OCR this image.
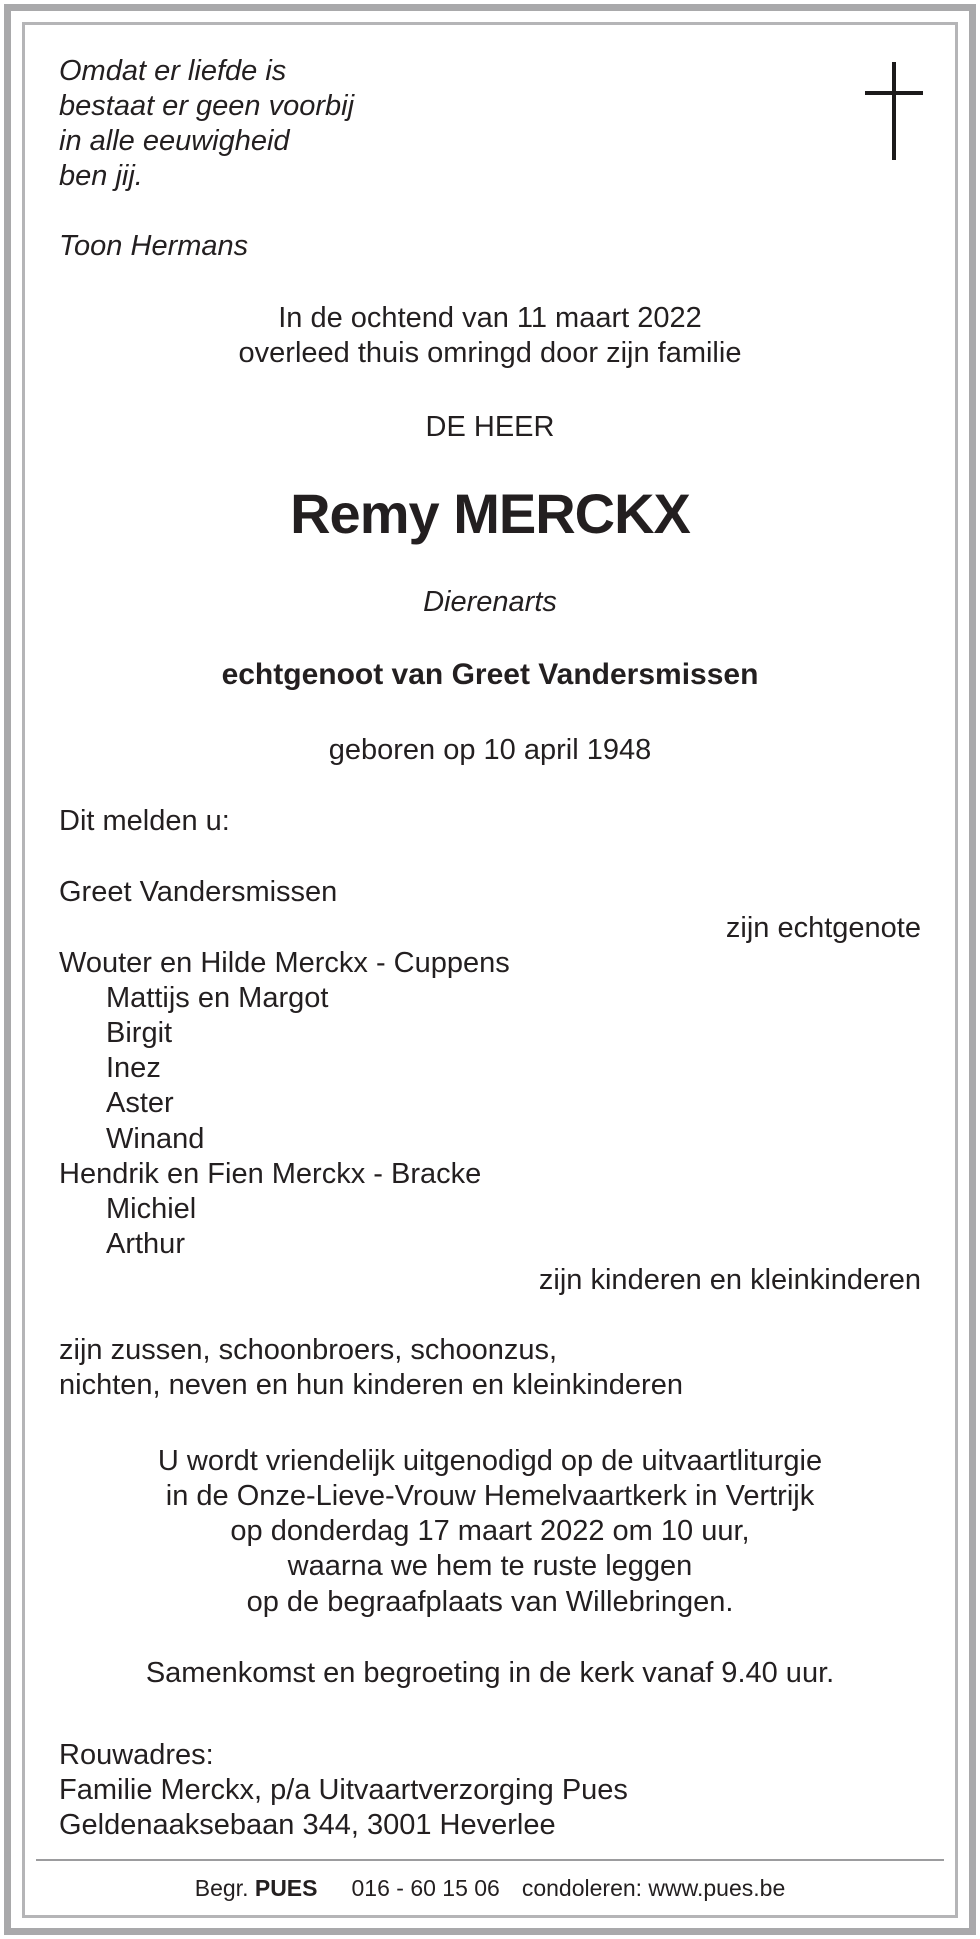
Omdat er liefde is
bestaat er geen voorbij
in alle eeuwigheid
ben jij.
Toon Hermans
In de ochtend van 11 maart 2022
overleed thuis omringd door zijn familie
DE HEER
Remy MERCKX
Dierenarts
echtgenoot van Greet Vandersmissen
geboren op 10 april 1948
Dit melden u:
Greet Vandersmissen
zijn echtgenote
Wouter en Hilde Merckx - Cuppens
Mattijs en Margot
Birgit
Inez
Aster
Winand
Hendrik en Fien Merckx - Bracke
Michiel
Arthur
zijn kinderen en kleinkinderen
zijn zussen, schoonbroers, schoonzus,
nichten, neven en hun kinderen en kleinkinderen
U wordt vriendelijk uitgenodigd op de uitvaartliturgie
in de Onze-Lieve-Vrouw Hemelvaartkerk in Vertrijk
op donderdag 17 maart 2022 om 10 uur,
waarna we hem te ruste leggen
op de begraafplaats van Willebringen.
Samenkomst en begroeting in de kerk vanaf 9.40 uur.
Rouwadres:
Familie Merckx, p/a Uitvaartverzorging Pues
Geldenaaksebaan 344, 3001 Heverlee
Begr. PUES 016 - 60 15 06 condoleren: www.pues.be
